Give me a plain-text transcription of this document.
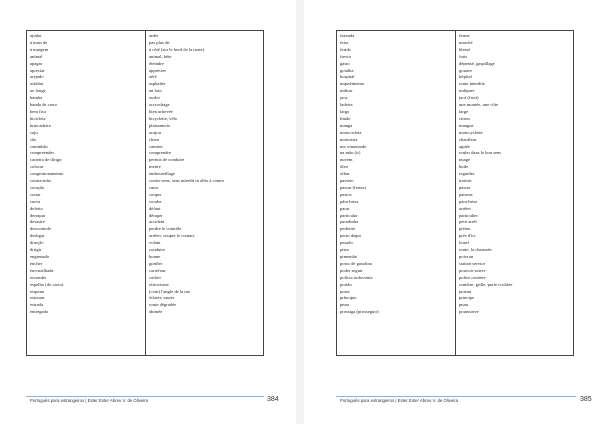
ajudar
à mais de
à margem
animal
apagar
apreciar
arejado
asfaltar
ao longe
bainha
banda de carro
bem fica
bicicleta
brincadeira
caju
cão
caminhão
compreender
carteira de dirigir
colocar
congestionamento
contra-mão
coração
cortar
curva
defeito
derrapar
desastre
descontrole
desligar
direção
dirigir
engrenado
encher
encruzilhada
esconder
espelho (do carro)
esquina
estourar
estrada
entregada
aider
pas plus de
à côté (sur le bord de la route)
animal, bête
éteindre
apprécier
aéré
asphalter
au loin
ourlet
accrochage
bien achevée
bicyclette, vélo
plaisanterie
acajou
chien
camion
comprendre
permis de conduire
mettre
embouteillage
contre sens, sens interdit in aller à contre
cœur
couper
courbe
défaut
déraper
accident
perdre le contrôle
arrêter, couper le contact
volant
conduire
bonne
gonfler
carrefour
cacher
rétroviseur
(coin) l'angle de la rue
éclater, sauter
route dégradée
abimée
Português para estrangeiros | Ester Ester Abreu V. de Oliveira	384
fazenda
feira
ferido
fresco
gasto
gotalha
hospital
impedimento
indicar
jaca
ladeira
largo
limão
manga
motocicleta
motorista
mo vimentado
na mão (ir)
nuvem
óleo
olhar
passeio
passar (ferias)
pastos
pára-brisa
parar
particular
paradinha
pedestre
perto daqui
pesado
pista
pimentão
posto de gasolina
poder seguir
polícia rodoviária
portão
poste
príncipio
pnau
prossiga (prosseguir)
ferme
marché
blessé
frais
dépensé, gaspillage
gouave
hôpital
route interdite
indiquer
jacá (fruit)
une montée, une côte
large
citron
mangue
motocyclette
chauffeur
agitée
rouler dans le bon sens
nuage
huile
regarder
trottoir
passer
patrons
para-brise
arrêter
particulier
petit arrêt
piéton
près d'ici
lourd
route, la chaussée
poivron
station service
pouvoir suivre
police routière
routière, grille, porte cochère
poteau
principe
pnau
poursuivre
Português para estrangeiros | Ester Ester Abreu V. de Oliveira	385
